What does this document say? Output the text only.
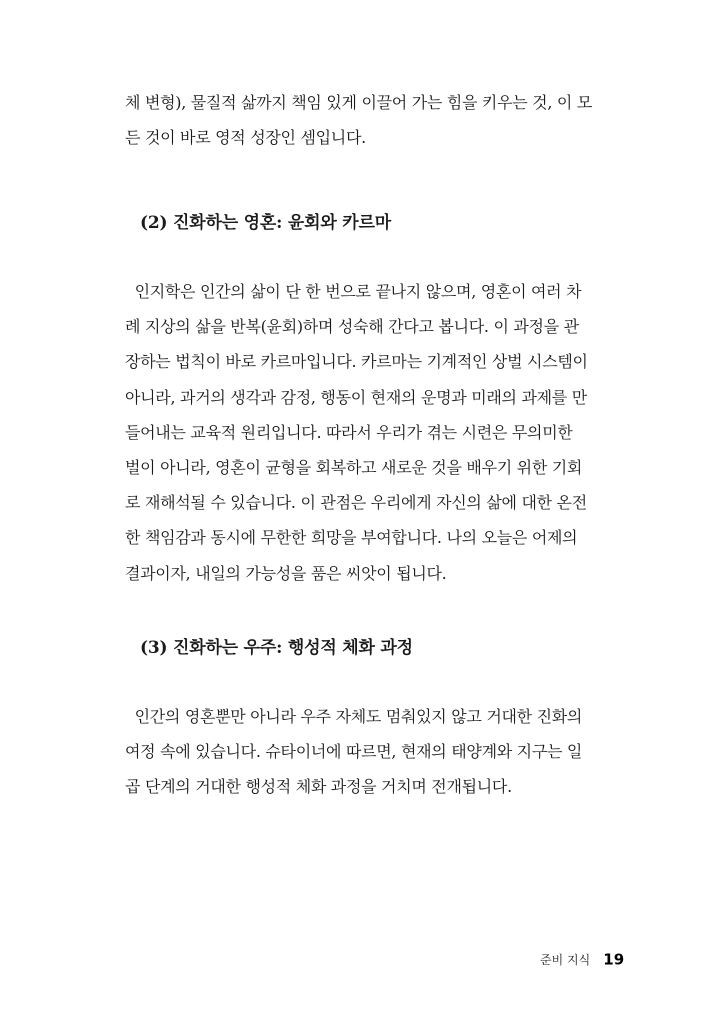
체 변형), 물질적 삶까지 책임 있게 이끌어 가는 힘을 키우는 것, 이 모
든 것이 바로 영적 성장인 셈입니다.
(2) 진화하는 영혼: 윤회와 카르마
인지학은 인간의 삶이 단 한 번으로 끝나지 않으며, 영혼이 여러 차
례 지상의 삶을 반복(윤회)하며 성숙해 간다고 봅니다. 이 과정을 관
장하는 법칙이 바로 카르마입니다. 카르마는 기계적인 상벌 시스템이
아니라, 과거의 생각과 감정, 행동이 현재의 운명과 미래의 과제를 만
들어내는 교육적 원리입니다. 따라서 우리가 겪는 시련은 무의미한
벌이 아니라, 영혼이 균형을 회복하고 새로운 것을 배우기 위한 기회
로 재해석될 수 있습니다. 이 관점은 우리에게 자신의 삶에 대한 온전
한 책임감과 동시에 무한한 희망을 부여합니다. 나의 오늘은 어제의
결과이자, 내일의 가능성을 품은 씨앗이 됩니다.
(3) 진화하는 우주: 행성적 체화 과정
인간의 영혼뿐만 아니라 우주 자체도 멈춰있지 않고 거대한 진화의
여정 속에 있습니다. 슈타이너에 따르면, 현재의 태양계와 지구는 일
곱 단계의 거대한 행성적 체화 과정을 거치며 전개됩니다.
준비 지식 19
